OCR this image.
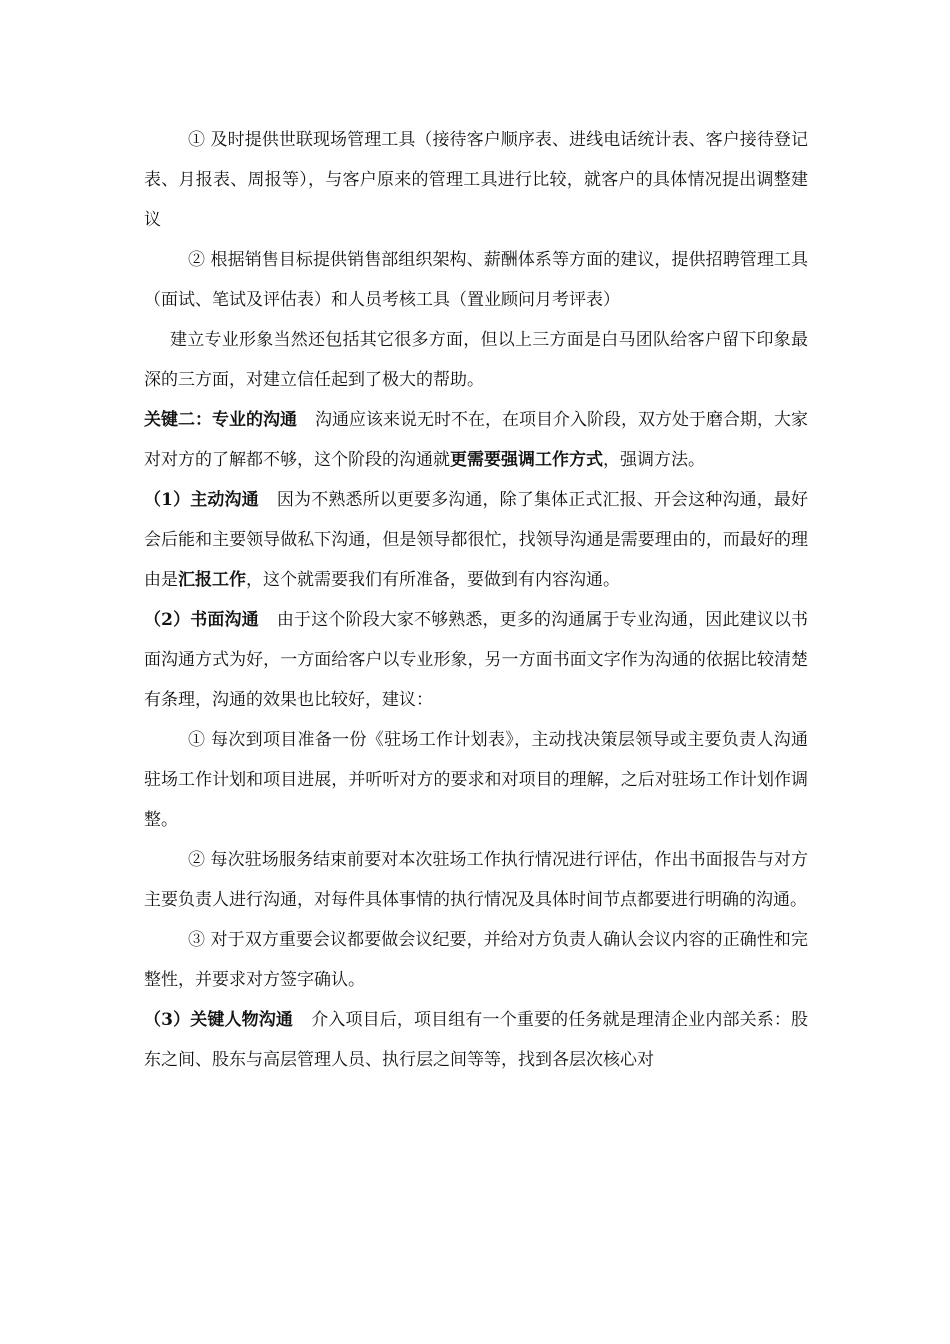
① 及时提供世联现场管理工具（接待客户顺序表、进线电话统计表、客户接待登记表、月报表、周报等），与客户原来的管理工具进行比较，就客户的具体情况提出调整建议

② 根据销售目标提供销售部组织架构、薪酬体系等方面的建议，提供招聘管理工具（面试、笔试及评估表）和人员考核工具（置业顾问月考评表）

建立专业形象当然还包括其它很多方面，但以上三方面是白马团队给客户留下印象最深的三方面，对建立信任起到了极大的帮助。

关键二：专业的沟通 沟通应该来说无时不在，在项目介入阶段，双方处于磨合期，大家对对方的了解都不够，这个阶段的沟通就更需要强调工作方式，强调方法。

（1）主动沟通 因为不熟悉所以更要多沟通，除了集体正式汇报、开会这种沟通，最好会后能和主要领导做私下沟通，但是领导都很忙，找领导沟通是需要理由的，而最好的理由是汇报工作，这个就需要我们有所准备，要做到有内容沟通。

（2）书面沟通 由于这个阶段大家不够熟悉，更多的沟通属于专业沟通，因此建议以书面沟通方式为好，一方面给客户以专业形象，另一方面书面文字作为沟通的依据比较清楚有条理，沟通的效果也比较好，建议：

① 每次到项目准备一份《驻场工作计划表》，主动找决策层领导或主要负责人沟通驻场工作计划和项目进展，并听听对方的要求和对项目的理解，之后对驻场工作计划作调整。

② 每次驻场服务结束前要对本次驻场工作执行情况进行评估，作出书面报告与对方主要负责人进行沟通，对每件具体事情的执行情况及具体时间节点都要进行明确的沟通。

③ 对于双方重要会议都要做会议纪要，并给对方负责人确认会议内容的正确性和完整性，并要求对方签字确认。

（3）关键人物沟通 介入项目后，项目组有一个重要的任务就是理清企业内部关系：股东之间、股东与高层管理人员、执行层之间等等，找到各层次核心对
